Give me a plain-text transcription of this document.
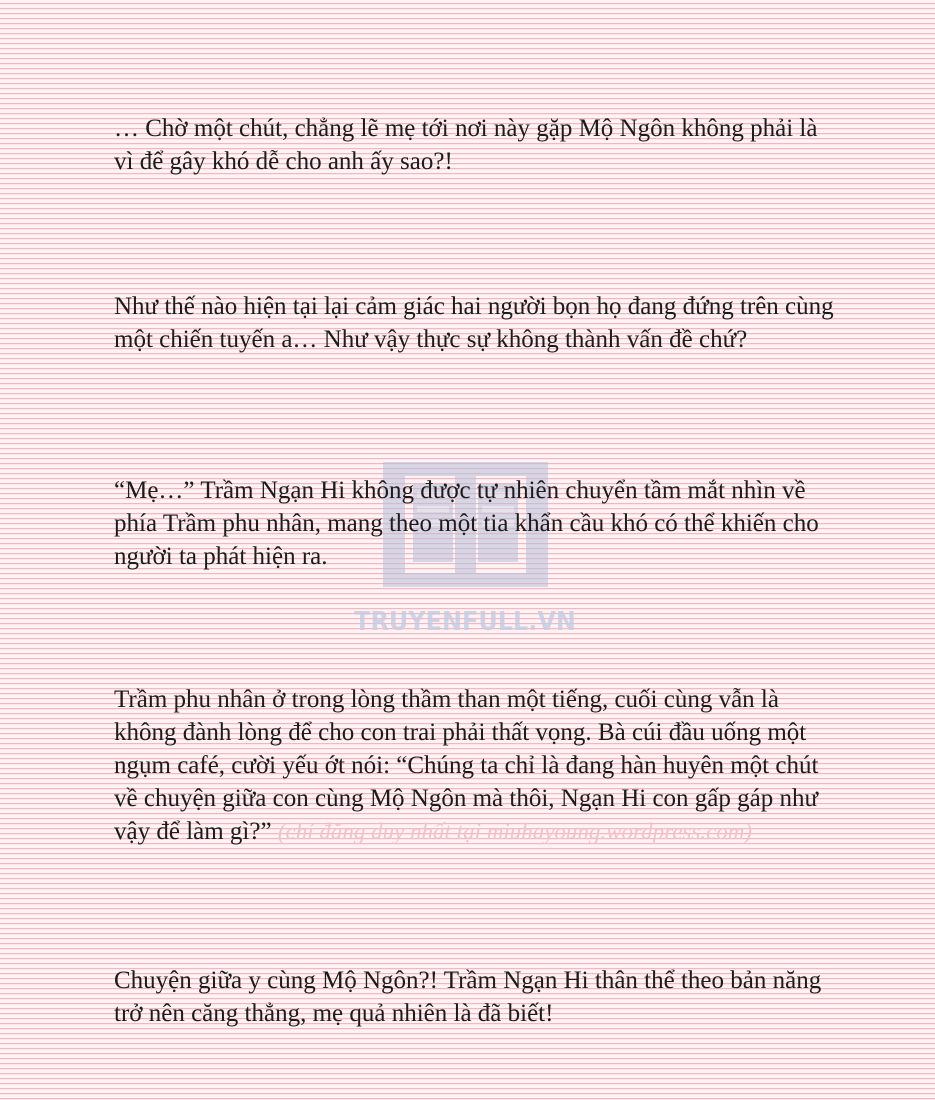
TRUYENFULL.VN

… Chờ một chút, chẳng lẽ mẹ tới nơi này gặp Mộ Ngôn không phải là vì để gây khó dễ cho anh ấy sao?!

Như thế nào hiện tại lại cảm giác hai người bọn họ đang đứng trên cùng một chiến tuyến a… Như vậy thực sự không thành vấn đề chứ?

“Mẹ…” Trầm Ngạn Hi không được tự nhiên chuyển tầm mắt nhìn về phía Trầm phu nhân, mang theo một tia khẩn cầu khó có thể khiến cho người ta phát hiện ra.

Trầm phu nhân ở trong lòng thầm than một tiếng, cuối cùng vẫn là không đành lòng để cho con trai phải thất vọng. Bà cúi đầu uống một ngụm café, cười yếu ớt nói: “Chúng ta chỉ là đang hàn huyên một chút về chuyện giữa con cùng Mộ Ngôn mà thôi, Ngạn Hi con gấp gáp như vậy để làm gì?” (chỉ đăng duy nhất tại miuhayoung.wordpress.com)

Chuyện giữa y cùng Mộ Ngôn?! Trầm Ngạn Hi thân thể theo bản năng trở nên căng thẳng, mẹ quả nhiên là đã biết!
